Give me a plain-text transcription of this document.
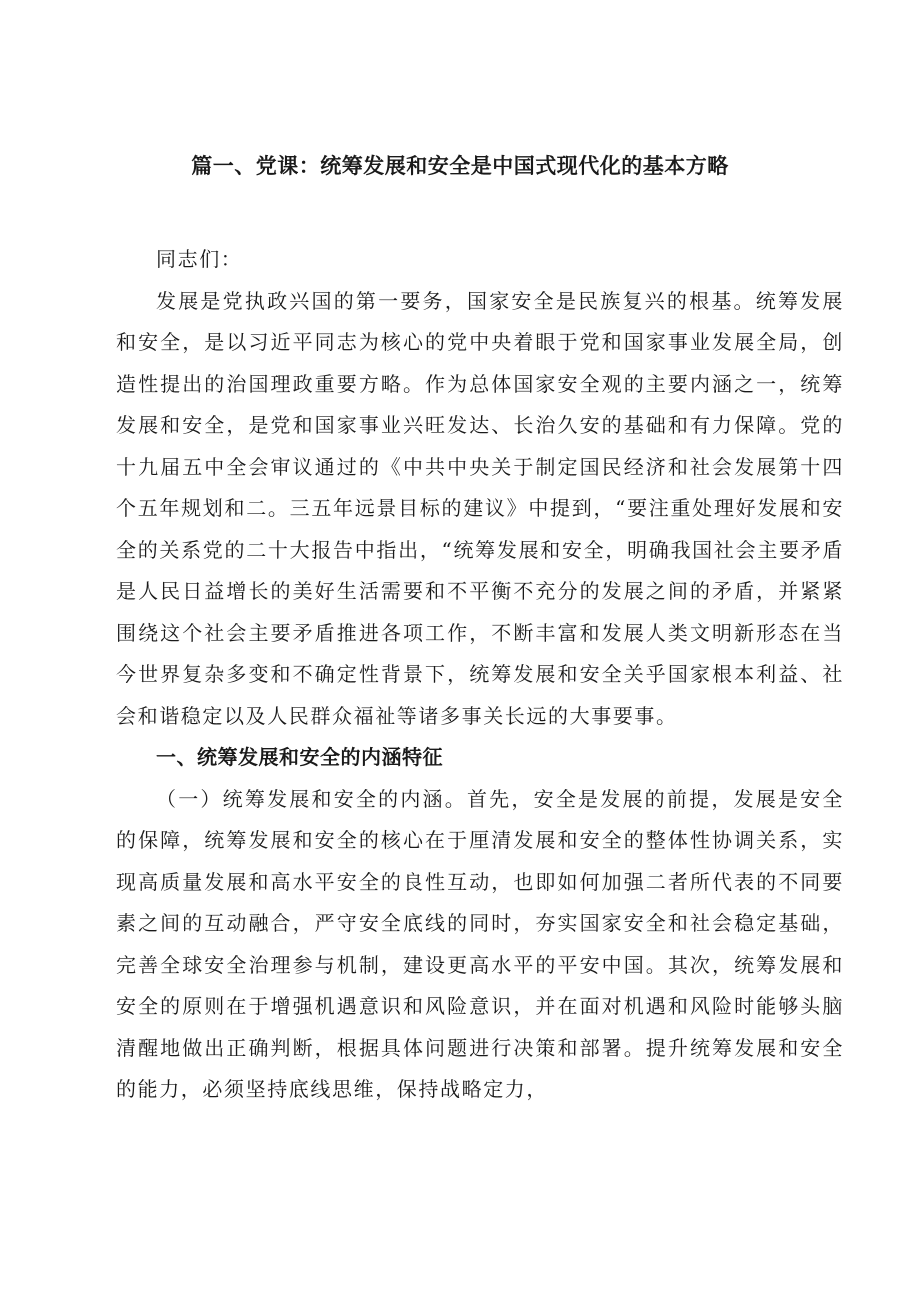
篇一、党课：统筹发展和安全是中国式现代化的基本方略

同志们：

发展是党执政兴国的第一要务，国家安全是民族复兴的根基。统筹发展和安全，是以习近平同志为核心的党中央着眼于党和国家事业发展全局，创造性提出的治国理政重要方略。作为总体国家安全观的主要内涵之一，统筹发展和安全，是党和国家事业兴旺发达、长治久安的基础和有力保障。党的十九届五中全会审议通过的《中共中央关于制定国民经济和社会发展第十四个五年规划和二。三五年远景目标的建议》中提到，“要注重处理好发展和安全的关系党的二十大报告中指出，“统筹发展和安全，明确我国社会主要矛盾是人民日益增长的美好生活需要和不平衡不充分的发展之间的矛盾，并紧紧围绕这个社会主要矛盾推进各项工作，不断丰富和发展人类文明新形态在当今世界复杂多变和不确定性背景下，统筹发展和安全关乎国家根本利益、社会和谐稳定以及人民群众福祉等诸多事关长远的大事要事。

一、统筹发展和安全的内涵特征

（一）统筹发展和安全的内涵。首先，安全是发展的前提，发展是安全的保障，统筹发展和安全的核心在于厘清发展和安全的整体性协调关系，实现高质量发展和高水平安全的良性互动，也即如何加强二者所代表的不同要素之间的互动融合，严守安全底线的同时，夯实国家安全和社会稳定基础，完善全球安全治理参与机制，建设更高水平的平安中国。其次，统筹发展和安全的原则在于增强机遇意识和风险意识，并在面对机遇和风险时能够头脑清醒地做出正确判断，根据具体问题进行决策和部署。提升统筹发展和安全的能力，必须坚持底线思维，保持战略定力，
